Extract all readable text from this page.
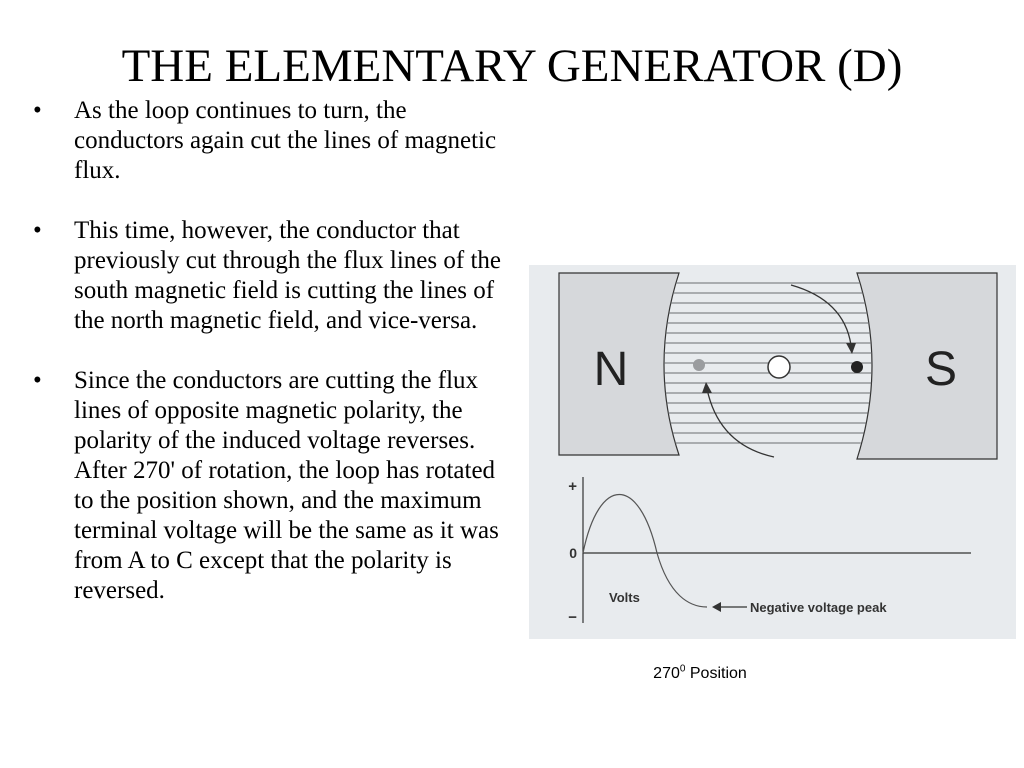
THE ELEMENTARY GENERATOR (D)
• As the loop continues to turn, the conductors again cut the lines of magnetic flux.
• This time, however, the conductor that previously cut through the flux lines of the south magnetic field is cutting the lines of the north magnetic field, and vice-versa.
• Since the conductors are cutting the flux lines of opposite magnetic polarity, the polarity of the induced voltage reverses. After 270' of rotation, the loop has rotated to the position shown, and the maximum terminal voltage will be the same as it was from A to C except that the polarity is reversed.
N	S
+
0
−
Volts
Negative voltage peak
$270^0$ Position
